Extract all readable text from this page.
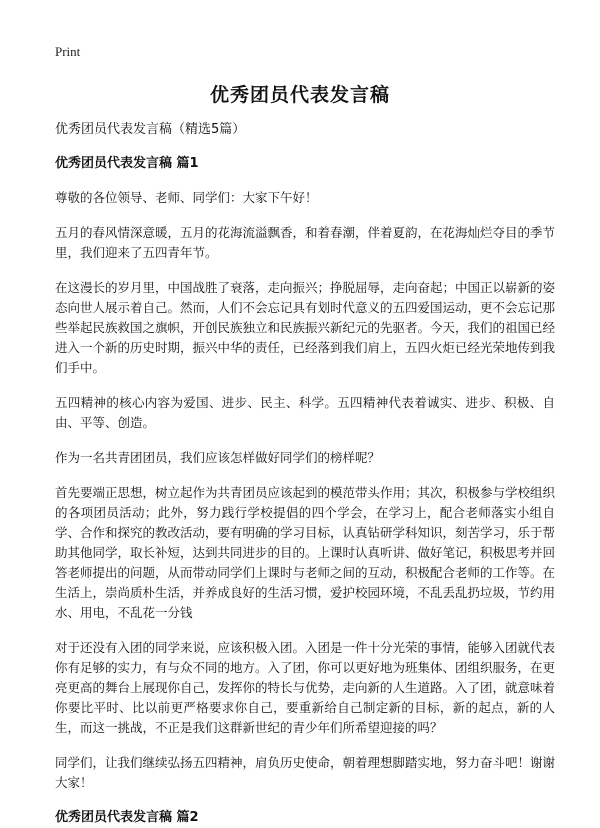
Print
优秀团员代表发言稿
优秀团员代表发言稿（精选5篇）
优秀团员代表发言稿 篇1

尊敬的各位领导、老师、同学们：大家下午好！

五月的春风情深意暖，五月的花海流溢飘香，和着春潮，伴着夏韵，在花海灿烂夺目的季节里，我们迎来了五四青年节。

在这漫长的岁月里，中国战胜了衰落，走向振兴；挣脱屈辱，走向奋起；中国正以崭新的姿态向世人展示着自己。然而，人们不会忘记具有划时代意义的五四爱国运动，更不会忘记那些举起民族救国之旗帜，开创民族独立和民族振兴新纪元的先驱者。今天，我们的祖国已经进入一个新的历史时期，振兴中华的责任，已经落到我们肩上，五四火炬已经光荣地传到我们手中。

五四精神的核心内容为爱国、进步、民主、科学。五四精神代表着诚实、进步、积极、自由、平等、创造。

作为一名共青团团员，我们应该怎样做好同学们的榜样呢？

首先要端正思想，树立起作为共青团员应该起到的模范带头作用；其次，积极参与学校组织的各项团员活动；此外，努力践行学校提倡的四个学会，在学习上，配合老师落实小组自学、合作和探究的教改活动，要有明确的学习目标，认真钻研学科知识，刻苦学习，乐于帮助其他同学，取长补短，达到共同进步的目的。上课时认真听讲、做好笔记，积极思考并回答老师提出的问题，从而带动同学们上课时与老师之间的互动，积极配合老师的工作等。在生活上，崇尚质朴生活，并养成良好的生活习惯，爱护校园环境，不乱丢乱扔垃圾，节约用水、用电，不乱花一分钱

对于还没有入团的同学来说，应该积极入团。入团是一件十分光荣的事情，能够入团就代表你有足够的实力，有与众不同的地方。入了团，你可以更好地为班集体、团组织服务，在更亮更高的舞台上展现你自己，发挥你的特长与优势，走向新的人生道路。入了团，就意味着你要比平时、比以前更严格要求你自己，要重新给自己制定新的目标，新的起点，新的人生，而这一挑战，不正是我们这群新世纪的青少年们所希望迎接的吗？

同学们，让我们继续弘扬五四精神，肩负历史使命，朝着理想脚踏实地，努力奋斗吧！谢谢大家！

优秀团员代表发言稿 篇2
